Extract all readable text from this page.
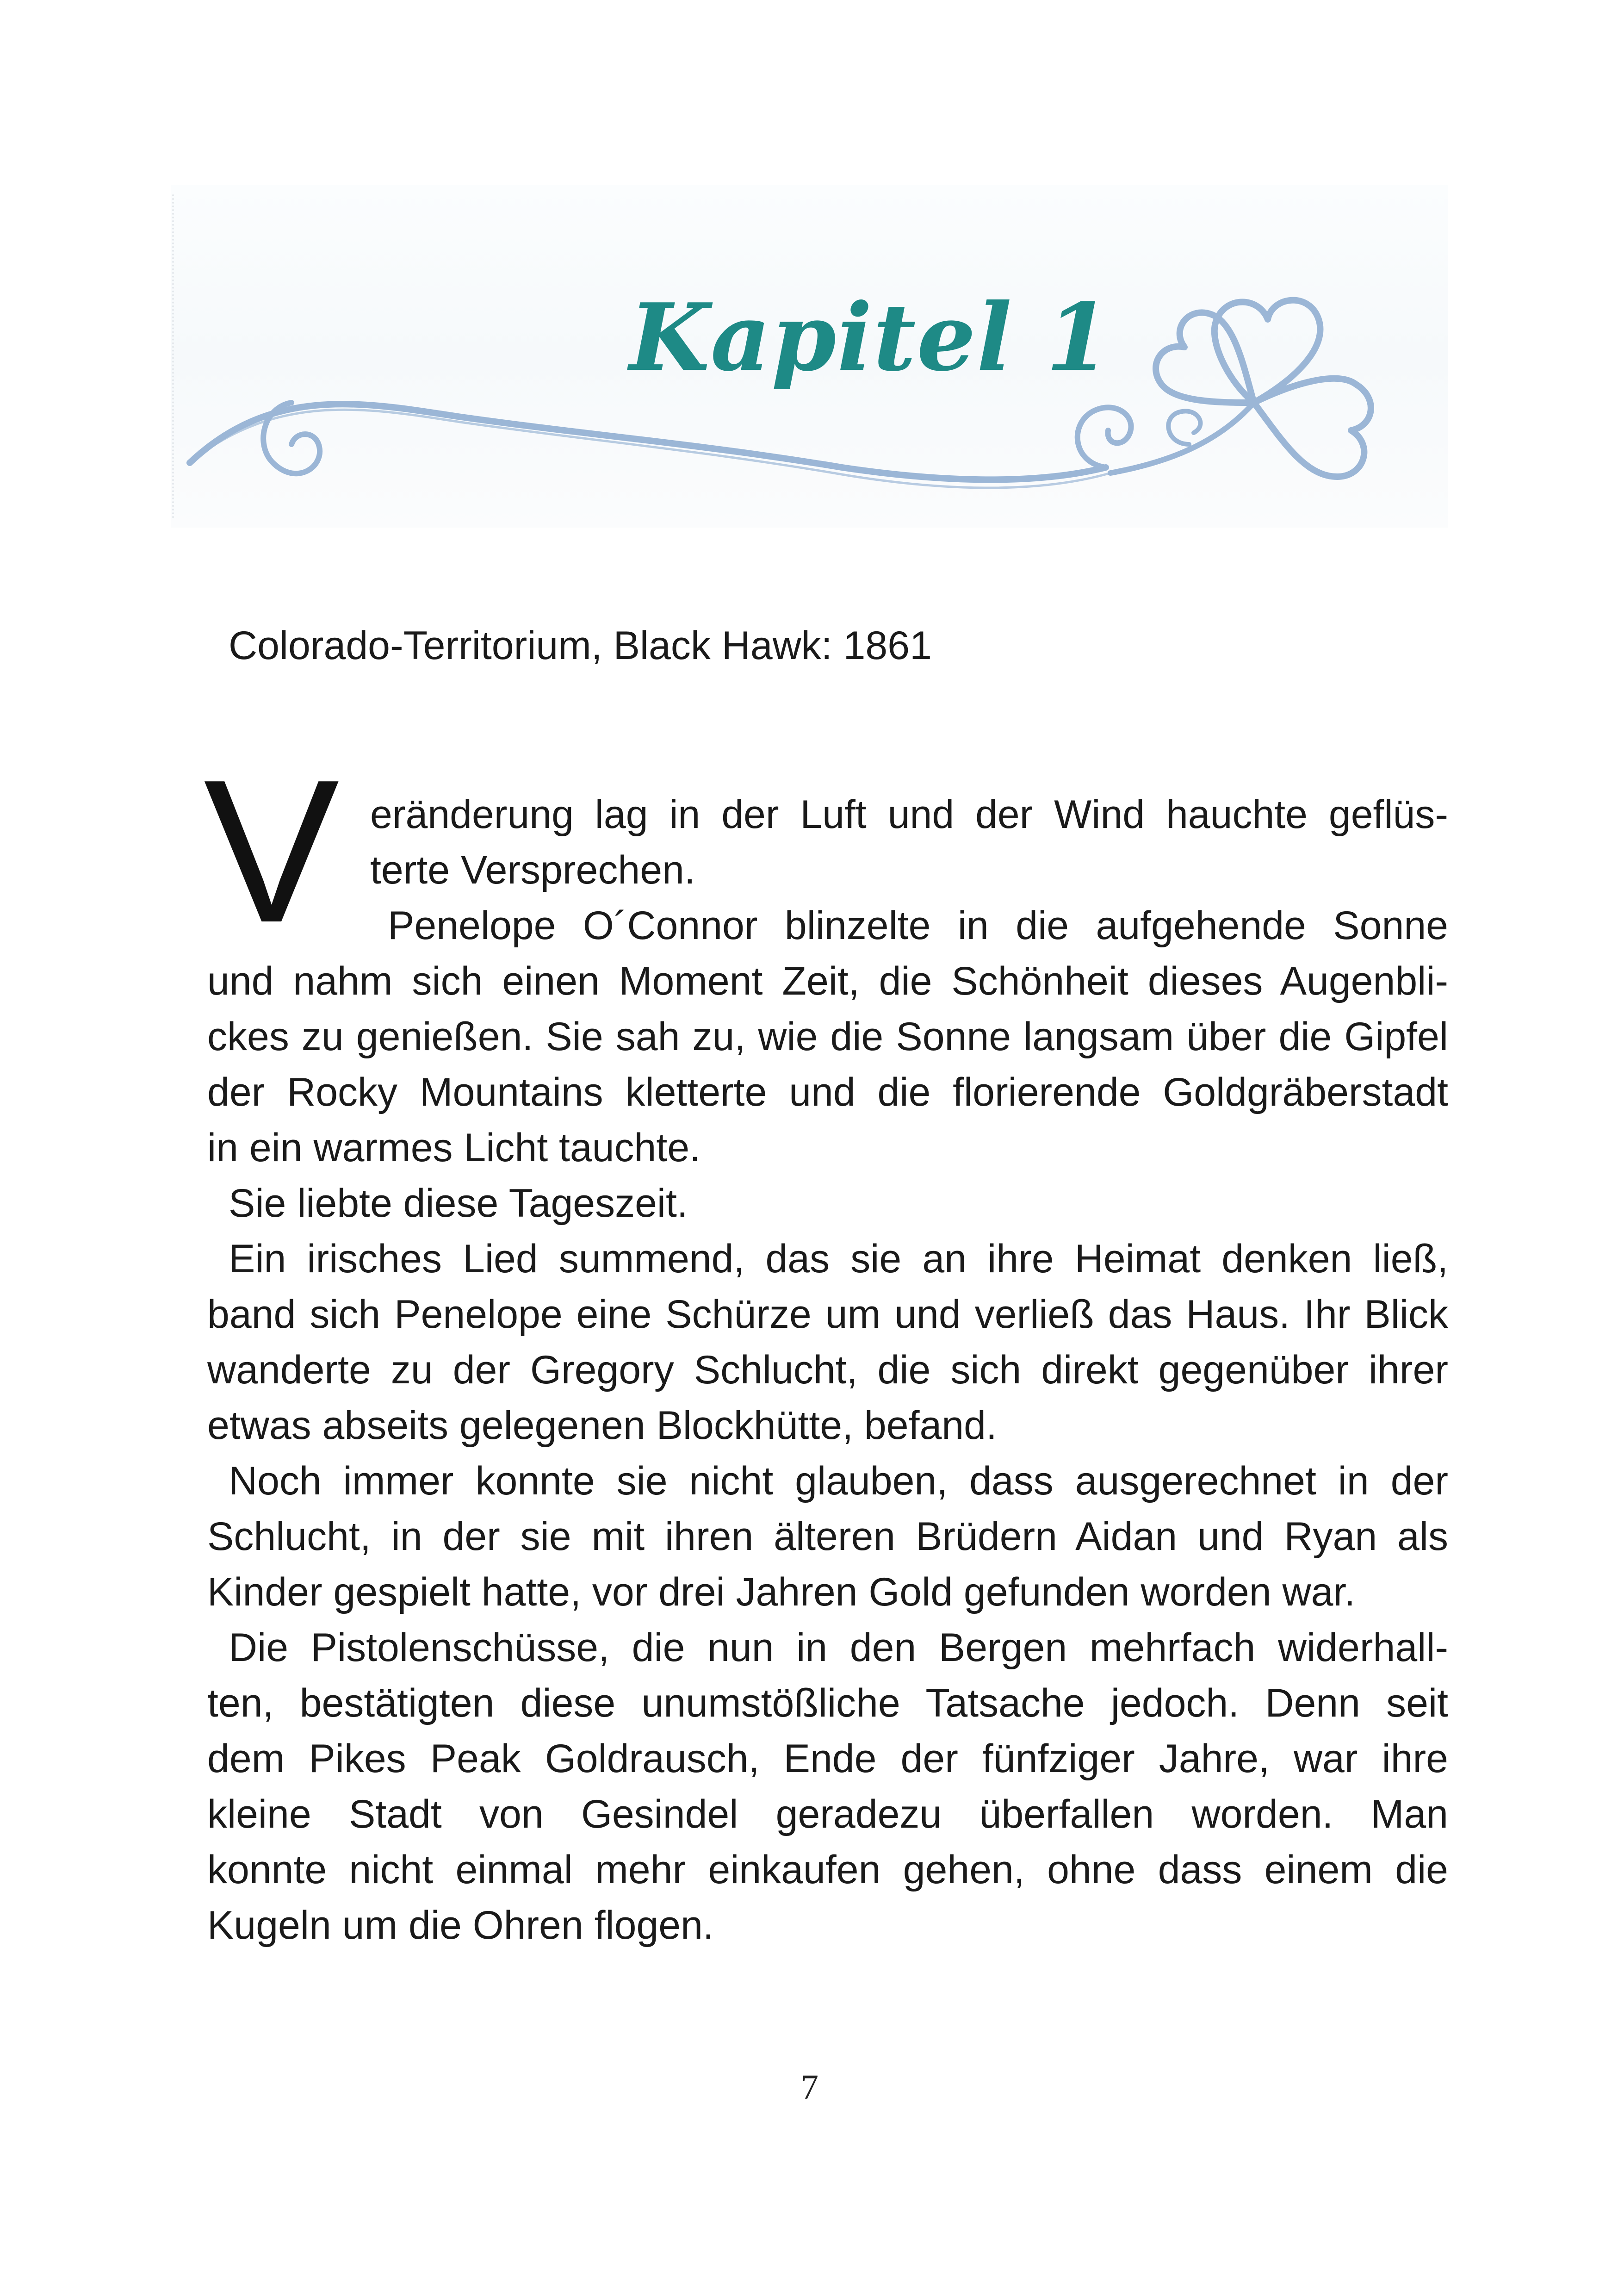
Kapitel 1

Colorado-Territorium, Black Hawk: 1861

V eränderung lag in der Luft und der Wind hauchte geflüs-

terte Versprechen.

Penelope O´Connor blinzelte in die aufgehende Sonne

und nahm sich einen Moment Zeit, die Schönheit dieses Augenbli-

ckes zu genießen. Sie sah zu, wie die Sonne langsam über die Gipfel

der Rocky Mountains kletterte und die florierende Goldgräberstadt

in ein warmes Licht tauchte.

Sie liebte diese Tageszeit.

Ein irisches Lied summend, das sie an ihre Heimat denken ließ,

band sich Penelope eine Schürze um und verließ das Haus. Ihr Blick

wanderte zu der Gregory Schlucht, die sich direkt gegenüber ihrer

etwas abseits gelegenen Blockhütte, befand.

Noch immer konnte sie nicht glauben, dass ausgerechnet in der

Schlucht, in der sie mit ihren älteren Brüdern Aidan und Ryan als

Kinder gespielt hatte, vor drei Jahren Gold gefunden worden war.

Die Pistolenschüsse, die nun in den Bergen mehrfach widerhall-

ten, bestätigten diese unumstößliche Tatsache jedoch. Denn seit

dem Pikes Peak Goldrausch, Ende der fünfziger Jahre, war ihre

kleine Stadt von Gesindel geradezu überfallen worden. Man

konnte nicht einmal mehr einkaufen gehen, ohne dass einem die

Kugeln um die Ohren flogen.

7
